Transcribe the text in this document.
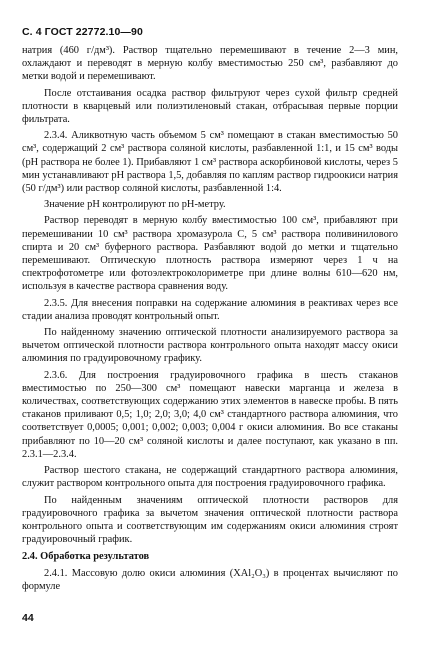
С. 4 ГОСТ 22772.10—90

натрия (460 г/дм³). Раствор тщательно перемешивают в течение 2—3 мин, охлаждают и переводят в мерную колбу вместимостью 250 см³, разбавляют до метки водой и перемешивают.

После отстаивания осадка раствор фильтруют через сухой фильтр средней плотности в кварцевый или полиэтиленовый стакан, отбрасывая первые порции фильтрата.

2.3.4. Аликвотную часть объемом 5 см³ помещают в стакан вместимостью 50 см³, содержащий 2 см³ раствора соляной кислоты, разбавленной 1:1, и 15 см³ воды (pH раствора не более 1). Прибавляют 1 см³ раствора аскорбиновой кислоты, через 5 мин устанавливают pH раствора 1,5, добавляя по каплям раствор гидроокиси натрия (50 г/дм³) или раствор соляной кислоты, разбавленной 1:4.

Значение pH контролируют по pH-метру.

Раствор переводят в мерную колбу вместимостью 100 см³, прибавляют при перемешивании 10 см³ раствора хромазурола С, 5 см³ раствора поливинилового спирта и 20 см³ буферного раствора. Разбавляют водой до метки и тщательно перемешивают. Оптическую плотность раствора измеряют через 1 ч на спектрофотометре или фотоэлектроколориметре при длине волны 610—620 нм, используя в качестве раствора сравнения воду.

2.3.5. Для внесения поправки на содержание алюминия в реактивах через все стадии анализа проводят контрольный опыт.

По найденному значению оптической плотности анализируемого раствора за вычетом оптической плотности раствора контрольного опыта находят массу окиси алюминия по градуировочному графику.

2.3.6. Для построения градуировочного графика в шесть стаканов вместимостью по 250—300 см³ помещают навески марганца и железа в количествах, соответствующих содержанию этих элементов в навеске пробы. В пять стаканов приливают 0,5; 1,0; 2,0; 3,0; 4,0 см³ стандартного раствора алюминия, что соответствует 0,0005; 0,001; 0,002; 0,003; 0,004 г окиси алюминия. Во все стаканы прибавляют по 10—20 см³ соляной кислоты и далее поступают, как указано в пп. 2.3.1—2.3.4.

Раствор шестого стакана, не содержащий стандартного раствора алюминия, служит раствором контрольного опыта для построения градуировочного графика.

По найденным значениям оптической плотности растворов для градуировочного графика за вычетом значения оптической плотности раствора контрольного опыта и соответствующим им содержаниям окиси алюминия строят градуировочный график.

2.4. Обработка результатов

2.4.1. Массовую долю окиси алюминия (XAl₂O₃) в процентах вычисляют по формуле

44
